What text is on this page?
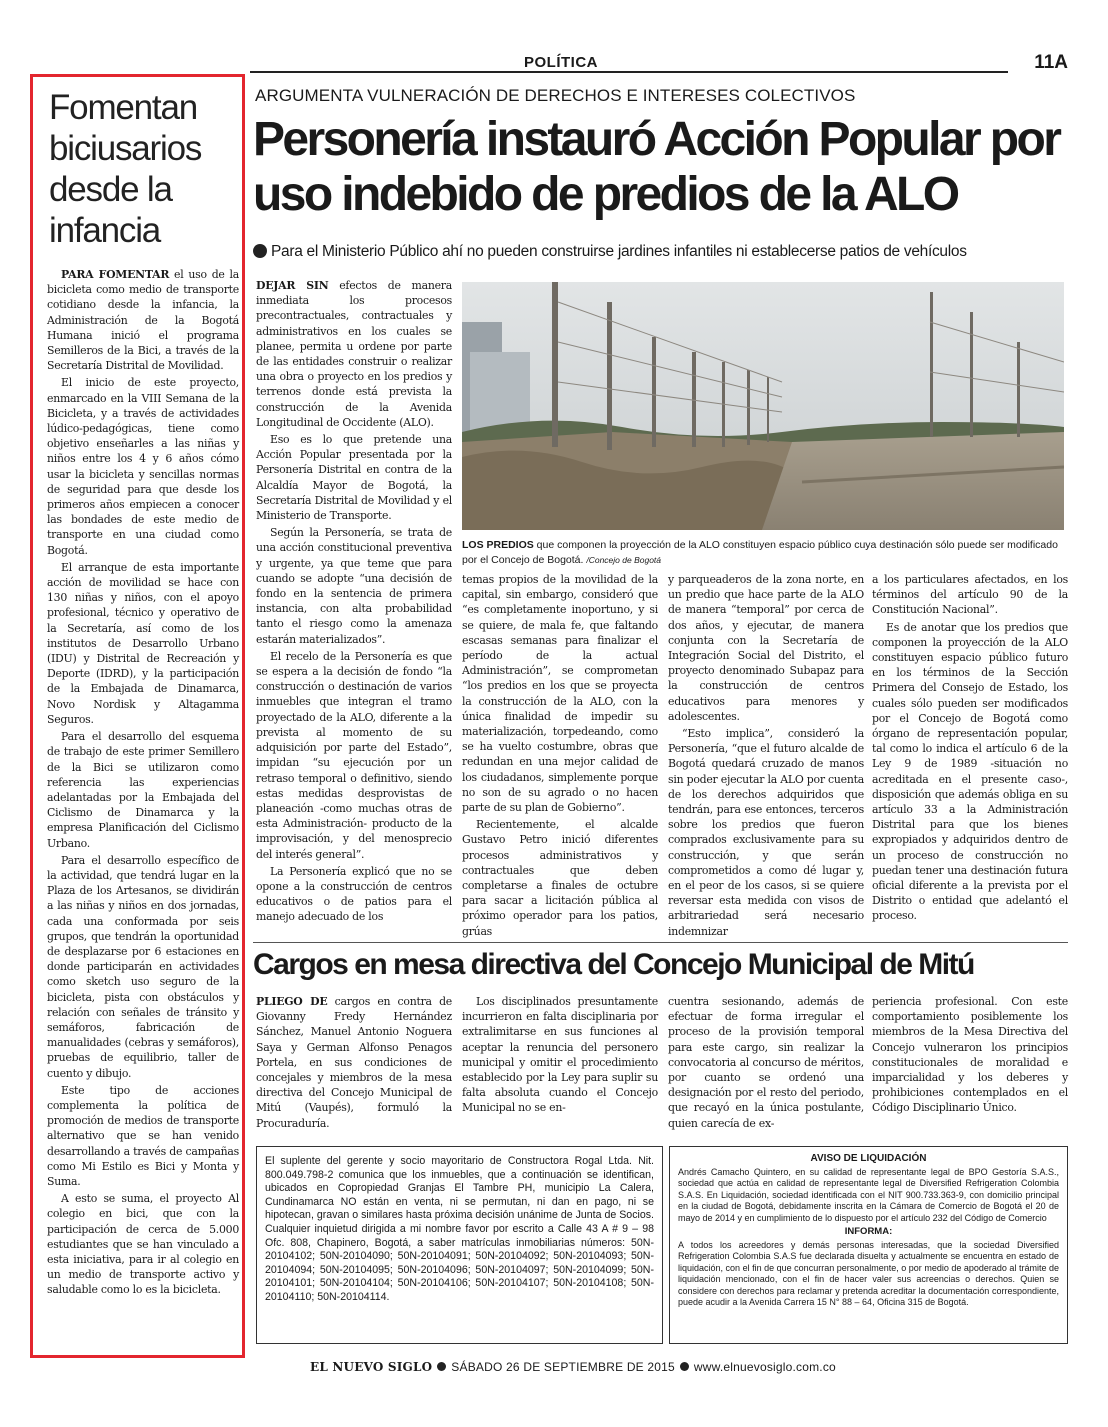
POLÍTICA	11A
Fomentan biciusarios desde la infancia

PARA FOMENTAR el uso de la bicicleta como medio de transporte cotidiano desde la infancia, la Administración de la Bogotá Humana inició el programa Semilleros de la Bici, a través de la Secretaría Distrital de Movilidad.

El inicio de este proyecto, enmarcado en la VIII Semana de la Bicicleta, y a través de actividades lúdico-pedagógicas, tiene como objetivo enseñarles a las niñas y niños entre los 4 y 6 años cómo usar la bicicleta y sencillas normas de seguridad para que desde los primeros años empiecen a conocer las bondades de este medio de transporte en una ciudad como Bogotá.

El arranque de esta importante acción de movilidad se hace con 130 niñas y niños, con el apoyo profesional, técnico y operativo de la Secretaría, así como de los institutos de Desarrollo Urbano (IDU) y Distrital de Recreación y Deporte (IDRD), y la participación de la Embajada de Dinamarca, Novo Nordisk y Altagamma Seguros.

Para el desarrollo del esquema de trabajo de este primer Semillero de la Bici se utilizaron como referencia las experiencias adelantadas por la Embajada del Ciclismo de Dinamarca y la empresa Planificación del Ciclismo Urbano.

Para el desarrollo específico de la actividad, que tendrá lugar en la Plaza de los Artesanos, se dividirán a las niñas y niños en dos jornadas, cada una conformada por seis grupos, que tendrán la oportunidad de desplazarse por 6 estaciones en donde participarán en actividades como sketch uso seguro de la bicicleta, pista con obstáculos y relación con señales de tránsito y semáforos, fabricación de manualidades (cebras y semáforos), pruebas de equilibrio, taller de cuento y dibujo.

Este tipo de acciones complementa la política de promoción de medios de transporte alternativo que se han venido desarrollando a través de campañas como Mi Estilo es Bici y Monta y Suma.

A esto se suma, el proyecto Al colegio en bici, que con la participación de cerca de 5.000 estudiantes que se han vinculado a esta iniciativa, para ir al colegio en un medio de transporte activo y saludable como lo es la bicicleta.

ARGUMENTA VULNERACIÓN DE DERECHOS E INTERESES COLECTIVOS
Personería instauró Acción Popular por uso indebido de predios de la ALO
Para el Ministerio Público ahí no pueden construirse jardines infantiles ni establecerse patios de vehículos

DEJAR SIN efectos de manera inmediata los procesos precontractuales, contractuales y administrativos en los cuales se planee, permita u ordene por parte de las entidades construir o realizar una obra o proyecto en los predios y terrenos donde está prevista la construcción de la Avenida Longitudinal de Occidente (ALO).

Eso es lo que pretende una Acción Popular presentada por la Personería Distrital en contra de la Alcaldía Mayor de Bogotá, la Secretaría Distrital de Movilidad y el Ministerio de Transporte.

Según la Personería, se trata de una acción constitucional preventiva y urgente, ya que teme que para cuando se adopte “una decisión de fondo en la sentencia de primera instancia, con alta probabilidad tanto el riesgo como la amenaza estarán materializados”.

El recelo de la Personería es que se espera a la decisión de fondo “la construcción o destinación de varios inmuebles que integran el tramo proyectado de la ALO, diferente a la prevista al momento de su adquisición por parte del Estado”, impidan “su ejecución por un retraso temporal o definitivo, siendo estas medidas desprovistas de planeación -como muchas otras de esta Administración- producto de la improvisación, y del menosprecio del interés general”.

La Personería explicó que no se opone a la construcción de centros educativos o de patios para el manejo adecuado de los

LOS PREDIOS que componen la proyección de la ALO constituyen espacio público cuya destinación sólo puede ser modificado por el Concejo de Bogotá. /Concejo de Bogotá

temas propios de la movilidad de la capital, sin embargo, consideró que “es completamente inoportuno, y si se quiere, de mala fe, que faltando escasas semanas para finalizar el período de la actual Administración”, se comprometan “los predios en los que se proyecta la construcción de la ALO, con la única finalidad de impedir su materialización, torpedeando, como se ha vuelto costumbre, obras que redundan en una mejor calidad de los ciudadanos, simplemente porque no son de su agrado o no hacen parte de su plan de Gobierno”.

Recientemente, el alcalde Gustavo Petro inició diferentes procesos administrativos y contractuales que deben completarse a finales de octubre para sacar a licitación pública al próximo operador para los patios, grúas

y parqueaderos de la zona norte, en un predio que hace parte de la ALO de manera “temporal” por cerca de dos años, y ejecutar, de manera conjunta con la Secretaría de Integración Social del Distrito, el proyecto denominado Subapaz para la construcción de centros educativos para menores y adolescentes.

“Esto implica”, consideró la Personería, “que el futuro alcalde de Bogotá quedará cruzado de manos sin poder ejecutar la ALO por cuenta de los derechos adquiridos que tendrán, para ese entonces, terceros sobre los predios que fueron comprados exclusivamente para su construcción, y que serán comprometidos a como dé lugar y, en el peor de los casos, si se quiere reversar esta medida con visos de arbitrariedad será necesario indemnizar

a los particulares afectados, en los términos del artículo 90 de la Constitución Nacional”.

Es de anotar que los predios que componen la proyección de la ALO constituyen espacio público futuro en los términos de la Sección Primera del Consejo de Estado, los cuales sólo pueden ser modificados por el Concejo de Bogotá como órgano de representación popular, tal como lo indica el artículo 6 de la Ley 9 de 1989 -situación no acreditada en el presente caso-, disposición que además obliga en su artículo 33 a la Administración Distrital para que los bienes expropiados y adquiridos dentro de un proceso de construcción no puedan tener una destinación futura oficial diferente a la prevista por el Distrito o entidad que adelantó el proceso.

Cargos en mesa directiva del Concejo Municipal de Mitú

PLIEGO DE cargos en contra de Giovanny Fredy Hernández Sánchez, Manuel Antonio Noguera Saya y German Alfonso Penagos Portela, en sus condiciones de concejales y miembros de la mesa directiva del Concejo Municipal de Mitú (Vaupés), formuló la Procuraduría.

Los disciplinados presuntamente incurrieron en falta disciplinaria por extralimitarse en sus funciones al aceptar la renuncia del personero municipal y omitir el procedimiento establecido por la Ley para suplir su falta absoluta cuando el Concejo Municipal no se en-

cuentra sesionando, además de efectuar de forma irregular el proceso de la provisión temporal para este cargo, sin realizar la convocatoria al concurso de méritos, por cuanto se ordenó una designación por el resto del periodo, que recayó en la única postulante, quien carecía de ex-

periencia profesional. Con este comportamiento posiblemente los miembros de la Mesa Directiva del Concejo vulneraron los principios constitucionales de moralidad e imparcialidad y los deberes y prohibiciones contemplados en el Código Disciplinario Único.

El suplente del gerente y socio mayoritario de Constructora Rogal Ltda. Nit. 800.049.798-2 comunica que los inmuebles, que a continuación se identifican, ubicados en Copropiedad Granjas El Tambre PH, municipio La Calera, Cundinamarca NO están en venta, ni se permutan, ni dan en pago, ni se hipotecan, gravan o similares hasta próxima decisión unánime de Junta de Socios. Cualquier inquietud dirigida a mi nombre favor por escrito a Calle 43 A # 9 – 98 Ofc. 808, Chapinero, Bogotá, a saber matrículas inmobiliarias números: 50N-20104102; 50N-20104090; 50N-20104091; 50N-20104092; 50N-20104093; 50N-20104094; 50N-20104095; 50N-20104096; 50N-20104097; 50N-20104099; 50N-20104101; 50N-20104104; 50N-20104106; 50N-20104107; 50N-20104108; 50N-20104110; 50N-20104114.
AVISO DE LIQUIDACIÓN
Andrés Camacho Quintero, en su calidad de representante legal de BPO Gestoría S.A.S., sociedad que actúa en calidad de representante legal de Diversified Refrigeration Colombia S.A.S. En Liquidación, sociedad identificada con el NIT 900.733.363-9, con domicilio principal en la ciudad de Bogotá, debidamente inscrita en la Cámara de Comercio de Bogotá el 20 de mayo de 2014 y en cumplimiento de lo dispuesto por el artículo 232 del Código de Comercio
INFORMA:
A todos los acreedores y demás personas interesadas, que la sociedad Diversified Refrigeration Colombia S.A.S fue declarada disuelta y actualmente se encuentra en estado de liquidación, con el fin de que concurran personalmente, o por medio de apoderado al trámite de liquidación mencionado, con el fin de hacer valer sus acreencias o derechos. Quien se considere con derechos para reclamar y pretenda acreditar la documentación correspondiente, puede acudir a la Avenida Carrera 15 N° 88 – 64, Oficina 315 de Bogotá.
EL NUEVO SIGLO SÁBADO 26 DE SEPTIEMBRE DE 2015 www.elnuevosiglo.com.co
